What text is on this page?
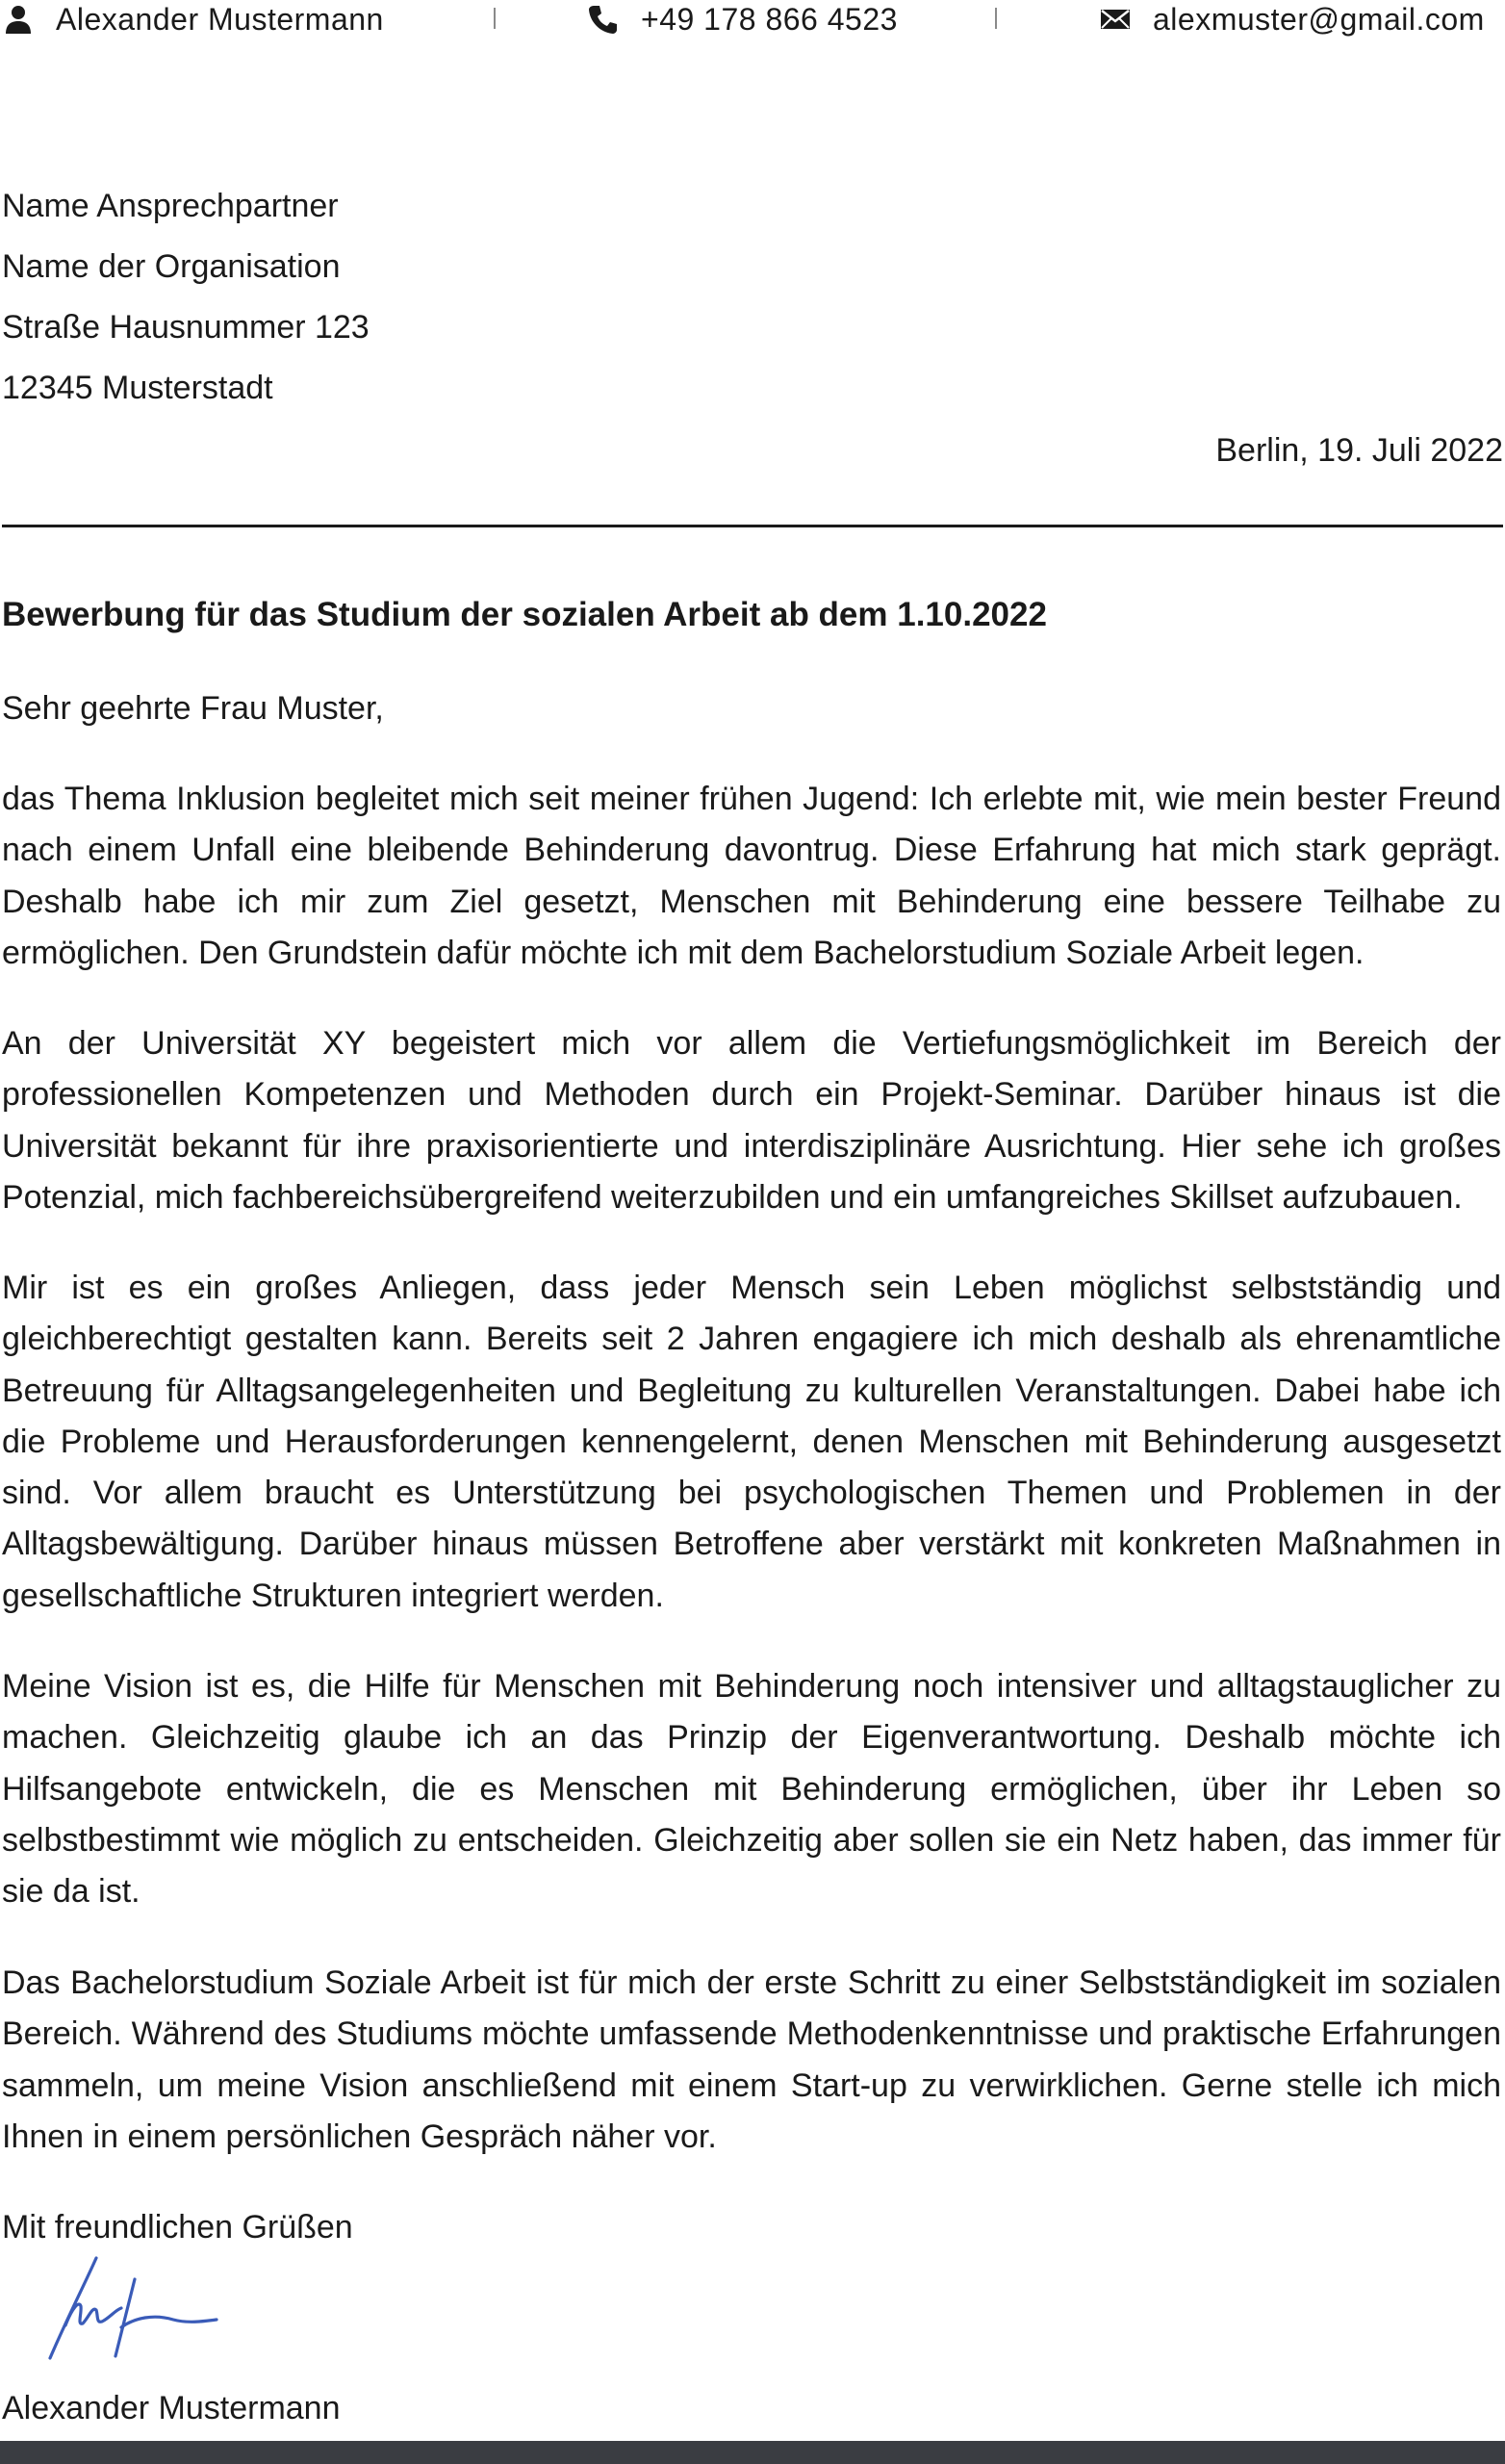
Alexander Mustermann	+49 178 866 4523	alexmuster@gmail.com
Name Ansprechpartner
Name der Organisation
Straße Hausnummer 123
12345 Musterstadt
Berlin, 19. Juli 2022
Bewerbung für das Studium der sozialen Arbeit ab dem 1.10.2022
Sehr geehrte Frau Muster,
das Thema Inklusion begleitet mich seit meiner frühen Jugend: Ich erlebte mit, wie mein bester Freund nach einem Unfall eine bleibende Behinderung davontrug. Diese Erfahrung hat mich stark geprägt. Deshalb habe ich mir zum Ziel gesetzt, Menschen mit Behinderung eine bessere Teilhabe zu ermöglichen. Den Grundstein dafür möchte ich mit dem Bachelorstudium Soziale Arbeit legen.
An der Universität XY begeistert mich vor allem die Vertiefungsmöglichkeit im Bereich der professionellen Kompetenzen und Methoden durch ein Projekt-Seminar. Darüber hinaus ist die Universität bekannt für ihre praxisorientierte und interdisziplinäre Ausrichtung. Hier sehe ich großes Potenzial, mich fachbereichsübergreifend weiterzubilden und ein umfangreiches Skillset aufzubauen.
Mir ist es ein großes Anliegen, dass jeder Mensch sein Leben möglichst selbstständig und gleichberechtigt gestalten kann. Bereits seit 2 Jahren engagiere ich mich deshalb als ehrenamtliche Betreuung für Alltagsangelegenheiten und Begleitung zu kulturellen Veranstaltungen. Dabei habe ich die Probleme und Herausforderungen kennengelernt, denen Menschen mit Behinderung ausgesetzt sind. Vor allem braucht es Unterstützung bei psychologischen Themen und Problemen in der Alltagsbewältigung. Darüber hinaus müssen Betroffene aber verstärkt mit konkreten Maßnahmen in gesellschaftliche Strukturen integriert werden.
Meine Vision ist es, die Hilfe für Menschen mit Behinderung noch intensiver und alltagstauglicher zu machen. Gleichzeitig glaube ich an das Prinzip der Eigenverantwortung. Deshalb möchte ich Hilfsangebote entwickeln, die es Menschen mit Behinderung ermöglichen, über ihr Leben so selbstbestimmt wie möglich zu entscheiden. Gleichzeitig aber sollen sie ein Netz haben, das immer für sie da ist.
Das Bachelorstudium Soziale Arbeit ist für mich der erste Schritt zu einer Selbstständigkeit im sozialen Bereich. Während des Studiums möchte umfassende Methodenkenntnisse und praktische Erfahrungen sammeln, um meine Vision anschließend mit einem Start-up zu verwirklichen. Gerne stelle ich mich Ihnen in einem persönlichen Gespräch näher vor.
Mit freundlichen Grüßen
Alexander Mustermann
